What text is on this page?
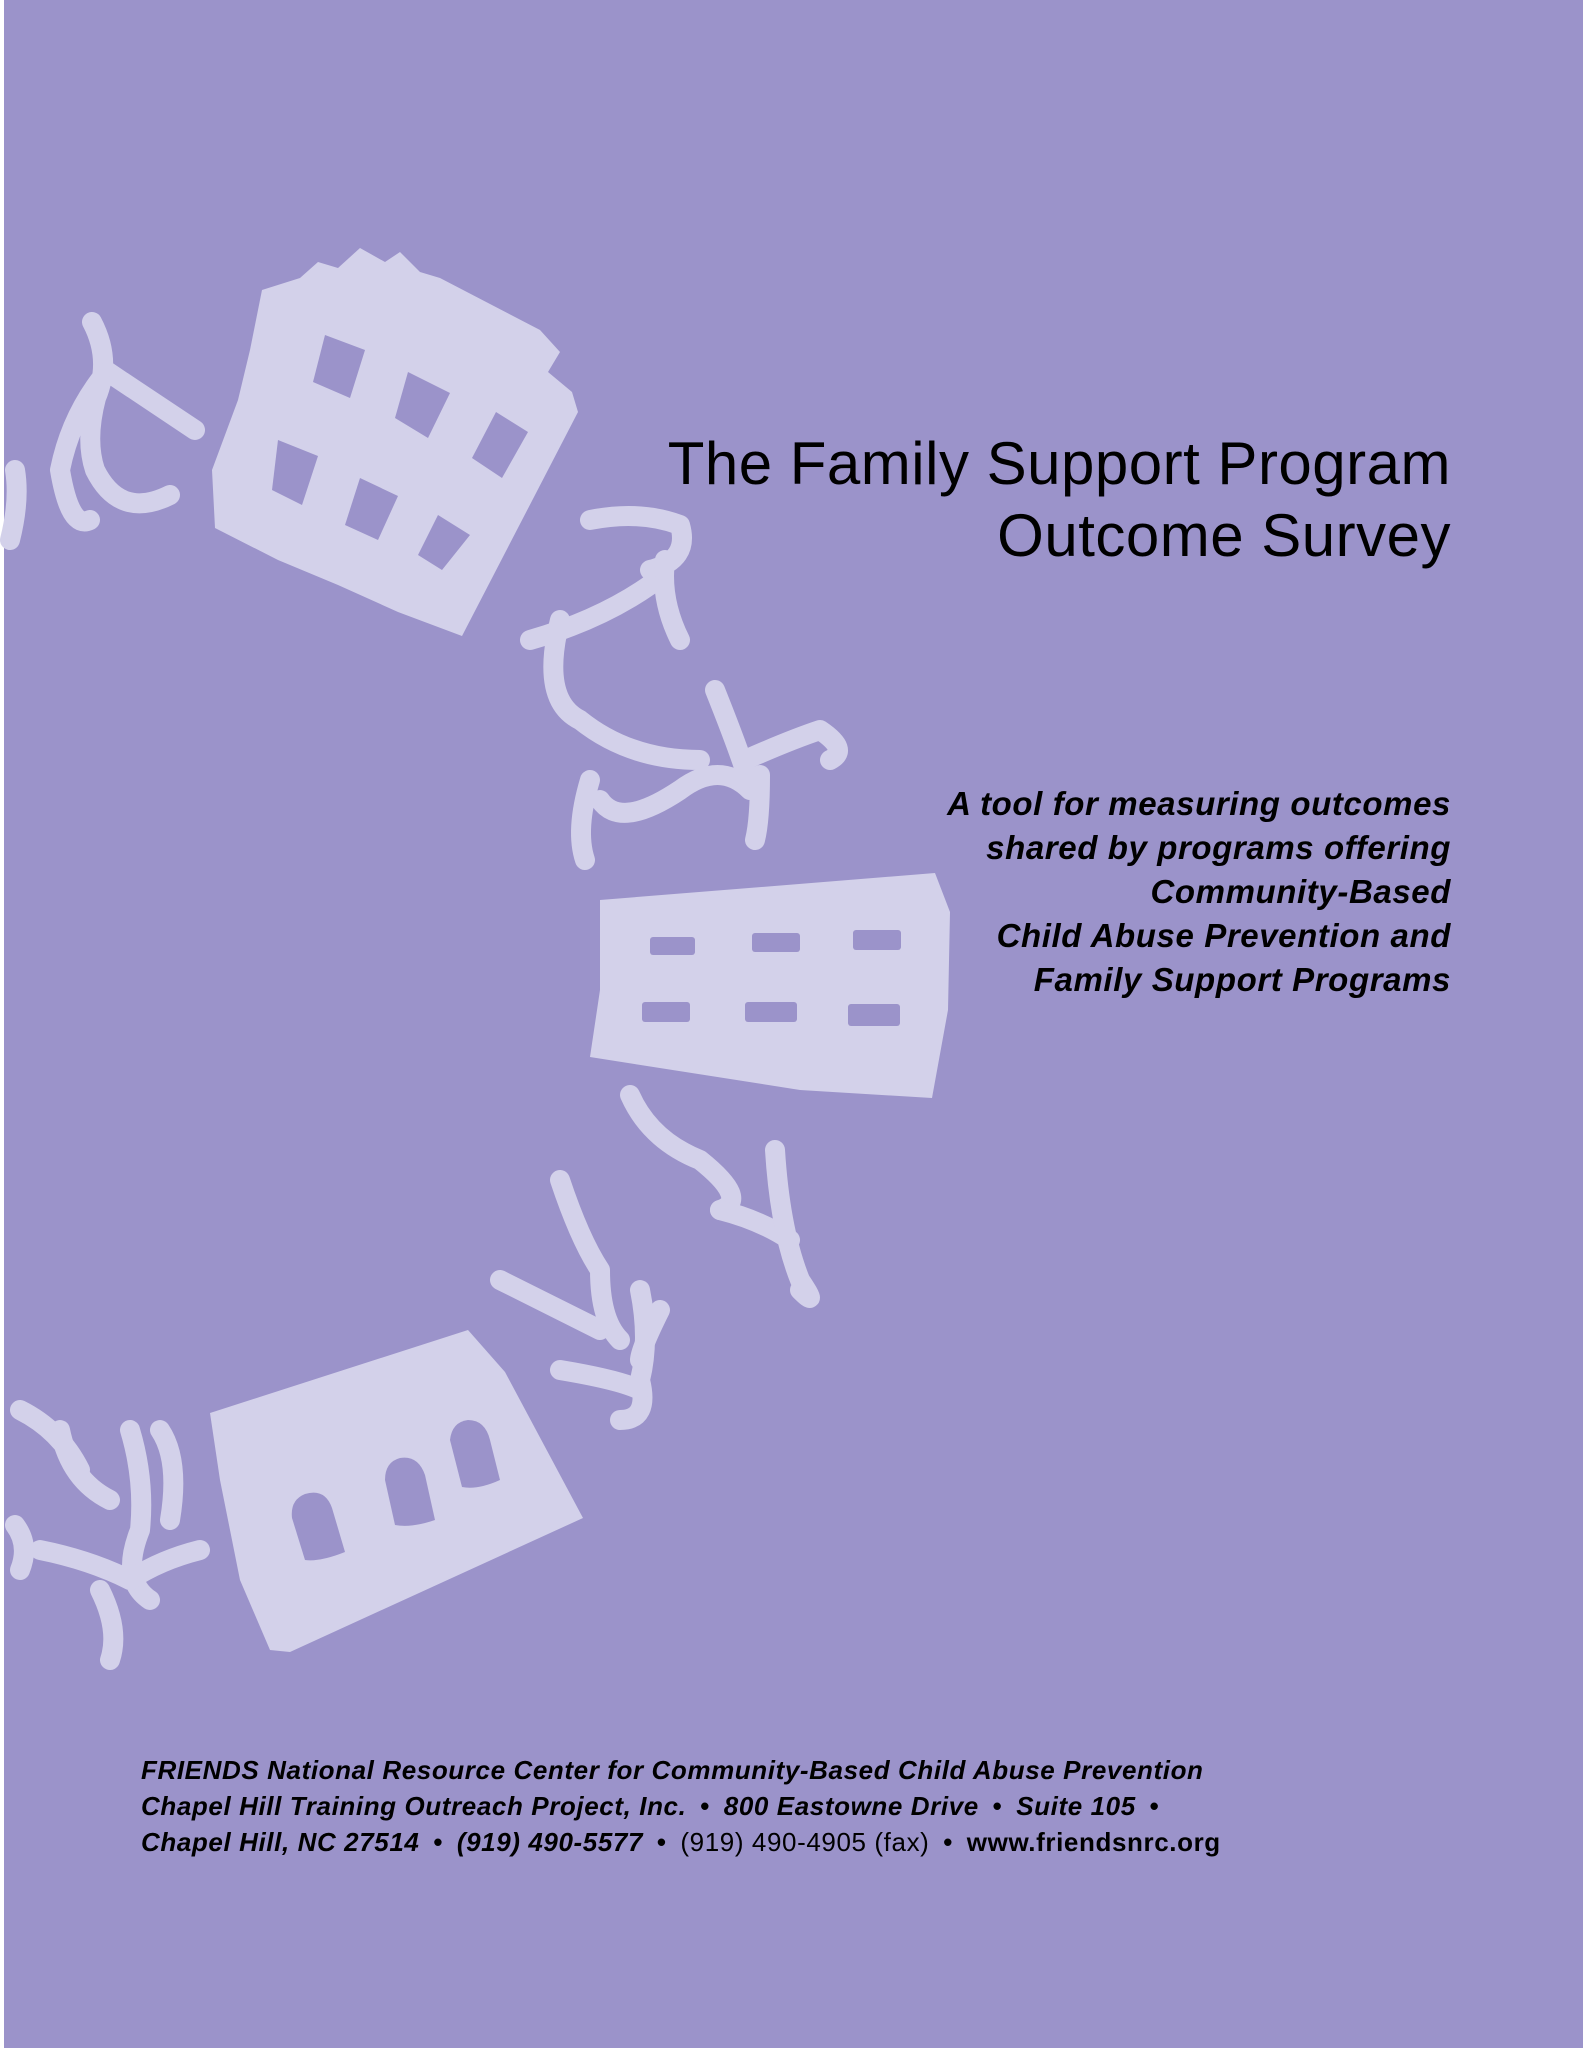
The Family Support Program
Outcome Survey
A tool for measuring outcomes
shared by programs offering
Community-Based
Child Abuse Prevention and
Family Support Programs
FRIENDS National Resource Center for Community-Based Child Abuse Prevention
Chapel Hill Training Outreach Project, Inc. • 800 Eastowne Drive • Suite 105 •
Chapel Hill, NC 27514 • (919) 490-5577 • (919) 490-4905 (fax) • www.friendsnrc.org
